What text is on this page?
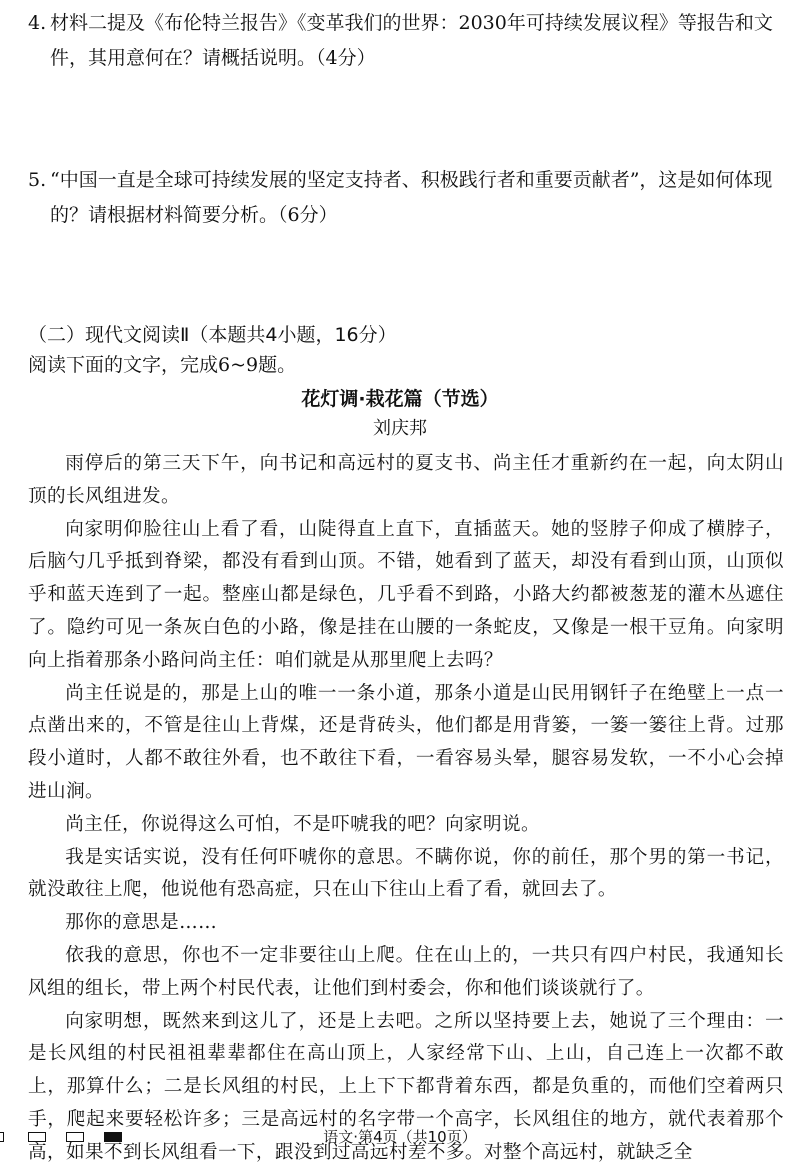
4. 材料二提及《布伦特兰报告》《变革我们的世界：2030年可持续发展议程》等报告和文件，其用意何在？请概括说明。（4分）
5. “中国一直是全球可持续发展的坚定支持者、积极践行者和重要贡献者”，这是如何体现的？请根据材料简要分析。（6分）
（二）现代文阅读Ⅱ（本题共4小题，16分）
阅读下面的文字，完成6~9题。
花灯调·栽花篇（节选）
刘庆邦

雨停后的第三天下午，向书记和高远村的夏支书、尚主任才重新约在一起，向太阴山顶的长风组进发。

向家明仰脸往山上看了看，山陡得直上直下，直插蓝天。她的竖脖子仰成了横脖子，后脑勺几乎抵到脊梁，都没有看到山顶。不错，她看到了蓝天，却没有看到山顶，山顶似乎和蓝天连到了一起。整座山都是绿色，几乎看不到路，小路大约都被葱茏的灌木丛遮住了。隐约可见一条灰白色的小路，像是挂在山腰的一条蛇皮，又像是一根干豆角。向家明向上指着那条小路问尚主任：咱们就是从那里爬上去吗？

尚主任说是的，那是上山的唯一一条小道，那条小道是山民用钢钎子在绝壁上一点一点凿出来的，不管是往山上背煤，还是背砖头，他们都是用背篓，一篓一篓往上背。过那段小道时，人都不敢往外看，也不敢往下看，一看容易头晕，腿容易发软，一不小心会掉进山涧。

尚主任，你说得这么可怕，不是吓唬我的吧？向家明说。

我是实话实说，没有任何吓唬你的意思。不瞒你说，你的前任，那个男的第一书记，就没敢往上爬，他说他有恐高症，只在山下往山上看了看，就回去了。

那你的意思是……

依我的意思，你也不一定非要往山上爬。住在山上的，一共只有四户村民，我通知长风组的组长，带上两个村民代表，让他们到村委会，你和他们谈谈就行了。

向家明想，既然来到这儿了，还是上去吧。之所以坚持要上去，她说了三个理由：一是长风组的村民祖祖辈辈都住在高山顶上，人家经常下山、上山，自己连上一次都不敢上，那算什么；二是长风组的村民，上上下下都背着东西，都是负重的，而他们空着两只手，爬起来要轻松许多；三是高远村的名字带一个高字，长风组住的地方，就代表着那个高，如果不到长风组看一下，跟没到过高远村差不多。对整个高远村，就缺乏全

语文·第4页（共10页）
